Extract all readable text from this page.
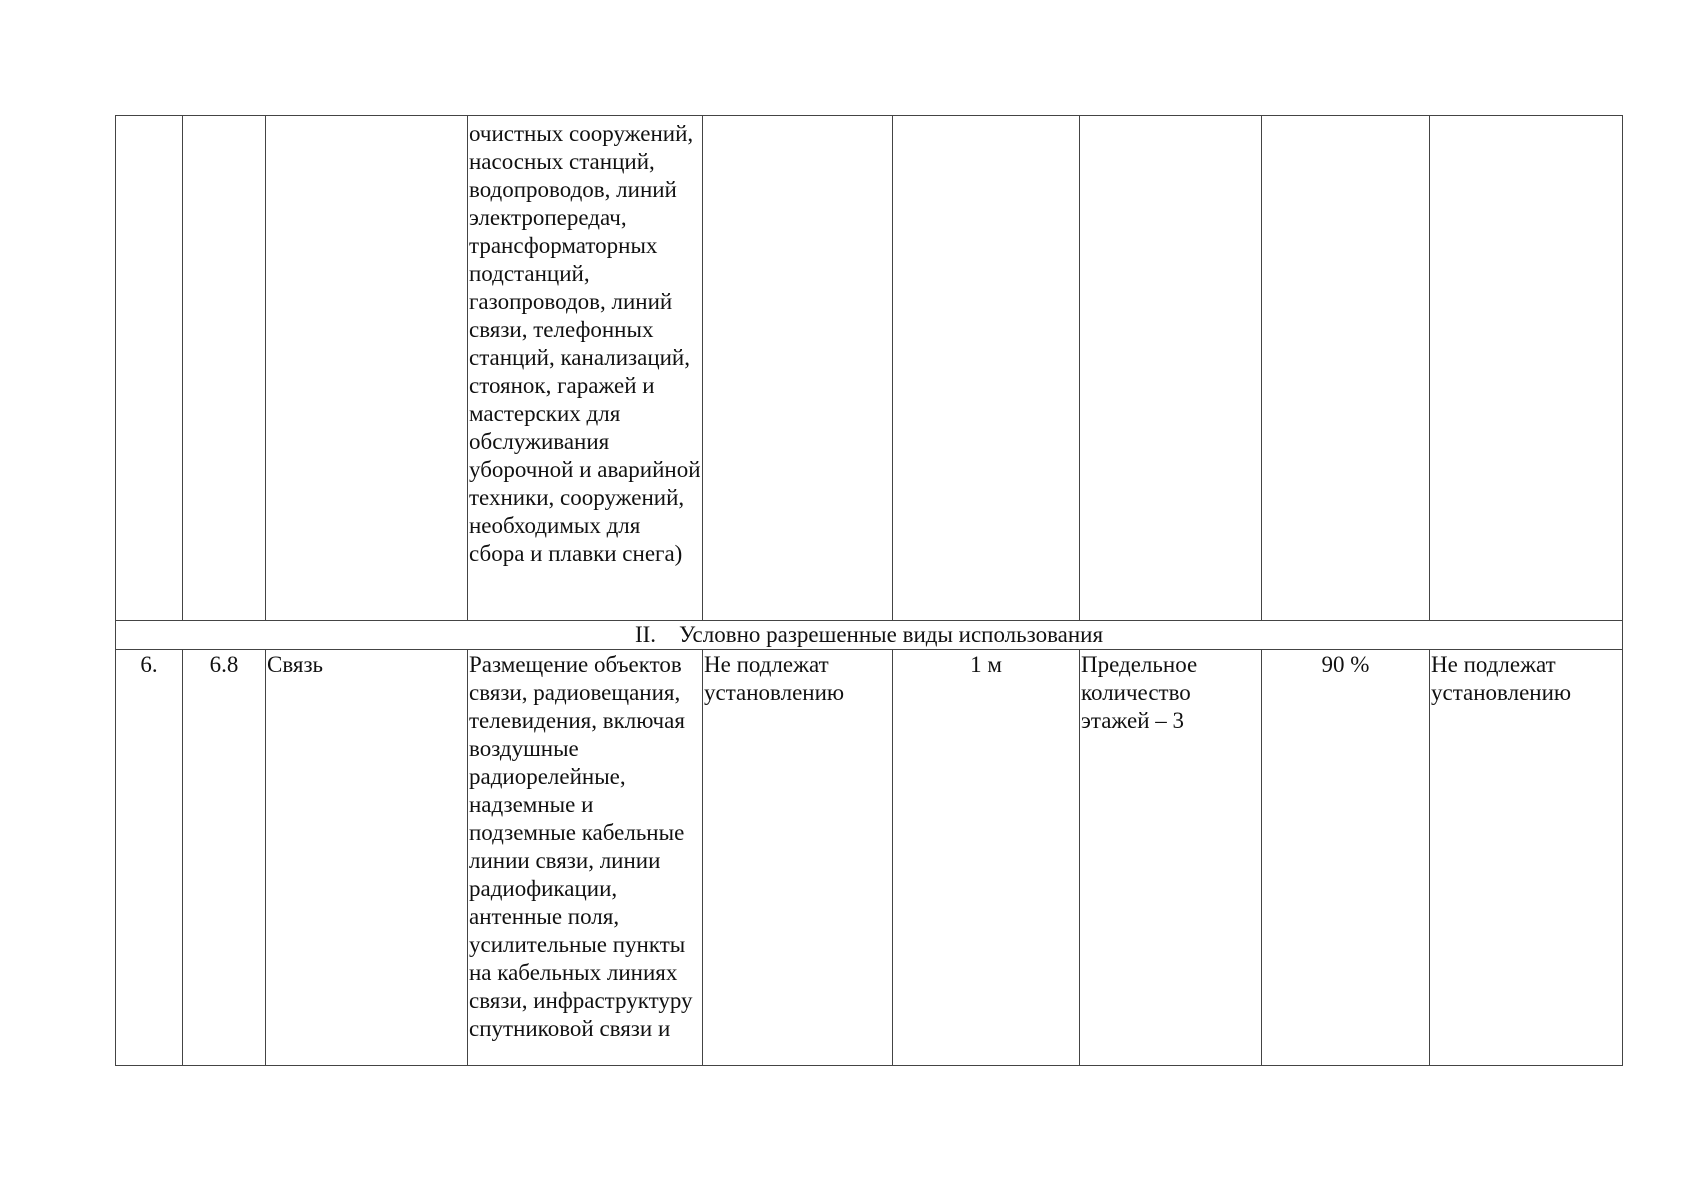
			очистных сооружений, насосных станций, водопроводов, линий электропередач, трансформаторных подстанций, газопроводов, линий связи, телефонных станций, канализаций, стоянок, гаражей и мастерских для обслуживания уборочной и аварийной техники, сооружений, необходимых для сбора и плавки снега)					

II.    Условно разрешенные виды использования								
6.	6.8	Связь	Размещение объектов связи, радиовещания, телевидения, включая воздушные радиорелейные, надземные и подземные кабельные линии связи, линии радиофикации, антенные поля, усилительные пункты на кабельных линиях связи, инфраструктуру спутниковой связи и	Не подлежат установлению	1 м	Предельное количество этажей – 3	90 %	Не подлежат установлению
